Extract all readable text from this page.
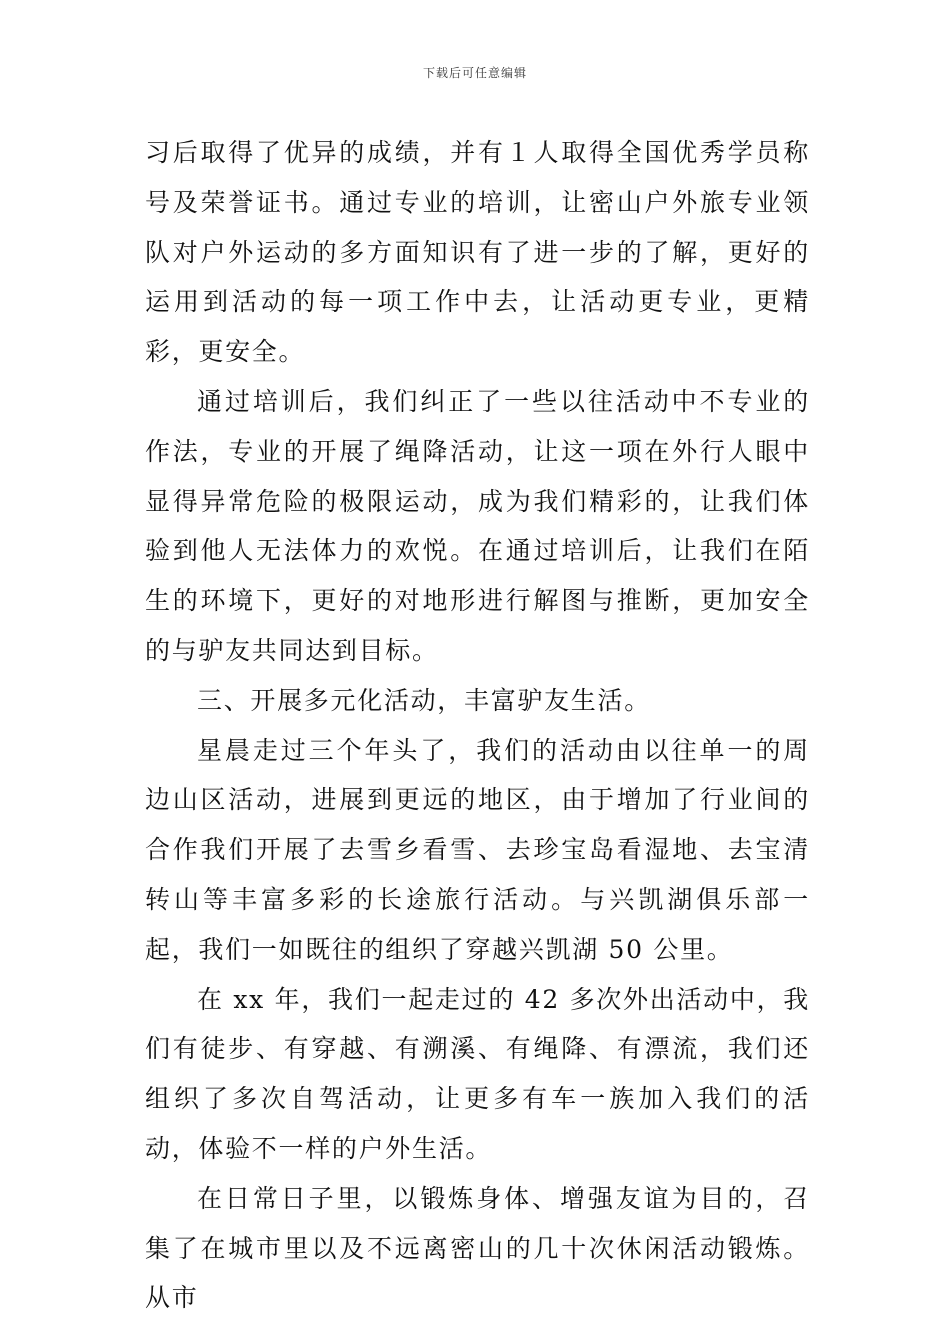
下载后可任意编辑

习后取得了优异的成绩，并有１人取得全国优秀学员称号及荣誉证书。通过专业的培训，让密山户外旅专业领队对户外运动的多方面知识有了进一步的了解，更好的运用到活动的每一项工作中去，让活动更专业，更精彩，更安全。

通过培训后，我们纠正了一些以往活动中不专业的作法，专业的开展了绳降活动，让这一项在外行人眼中显得异常危险的极限运动，成为我们精彩的，让我们体验到他人无法体力的欢悦。在通过培训后，让我们在陌生的环境下，更好的对地形进行解图与推断，更加安全的与驴友共同达到目标。

三、开展多元化活动，丰富驴友生活。

星晨走过三个年头了，我们的活动由以往单一的周边山区活动，进展到更远的地区，由于增加了行业间的合作我们开展了去雪乡看雪、去珍宝岛看湿地、去宝清转山等丰富多彩的长途旅行活动。与兴凯湖俱乐部一起，我们一如既往的组织了穿越兴凯湖 50 公里。

在 xx 年，我们一起走过的 42 多次外出活动中，我们有徒步、有穿越、有溯溪、有绳降、有漂流，我们还组织了多次自驾活动，让更多有车一族加入我们的活动，体验不一样的户外生活。

在日常日子里，以锻炼身体、增强友谊为目的，召集了在城市里以及不远离密山的几十次休闲活动锻炼。从市
